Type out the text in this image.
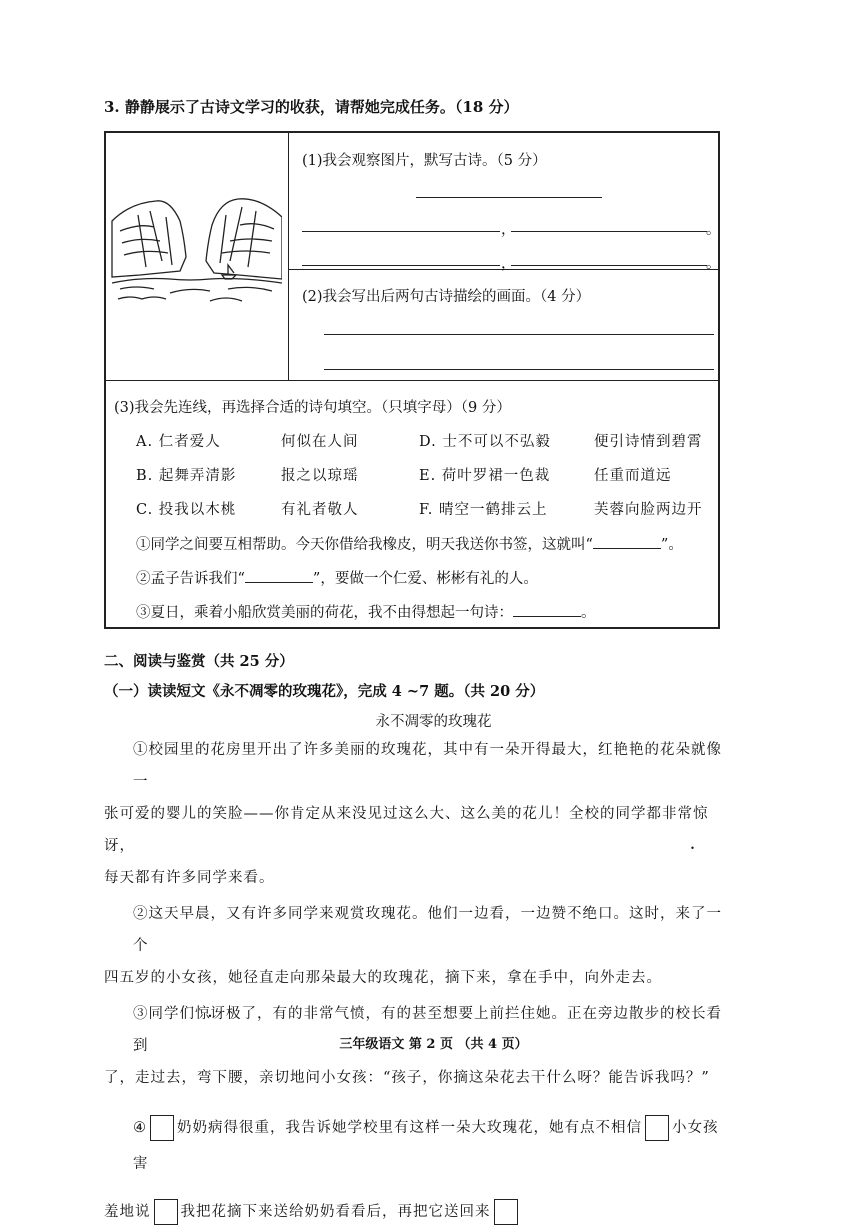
3. 静静展示了古诗文学习的收获，请帮她完成任务。（18 分）
(1)我会观察图片，默写古诗。（5 分）
，	。
，	。
(2)我会写出后两句古诗描绘的画面。（4 分）
(3)我会先连线，再选择合适的诗句填空。（只填字母）（9 分）
A. 仁者爱人	何似在人间	D. 士不可以不弘毅	便引诗情到碧霄
B. 起舞弄清影	报之以琼瑶	E. 荷叶罗裙一色裁	任重而道远
C. 投我以木桃	有礼者敬人	F. 晴空一鹤排云上	芙蓉向脸两边开
①同学之间要互相帮助。今天你借给我橡皮，明天我送你书签，这就叫“	”。
②孟子告诉我们“	”，要做一个仁爱、彬彬有礼的人。
③夏日，乘着小船欣赏美丽的荷花，我不由得想起一句诗：	。
二、阅读与鉴赏（共 25 分）
（一）读读短文《永不凋零的玫瑰花》，完成 4 ~7 题。（共 20 分）
永不凋零的玫瑰花
①校园里的花房里开出了许多美丽的玫瑰花，其中有一朵开得最大，红艳艳的花朵就像一
张可爱的婴儿的笑脸——你肯定从来没见过这么大、这么美的花儿！全校的同学都非常惊讶 •，
每天都有许多同学来看。
②这天早晨，又有许多同学来观赏玫瑰花。他们一边看，一边赞不绝口。这时，来了一个
四五岁的小女孩，她径直走向那朵最大的玫瑰花，摘下来，拿在手中，向外走去。
③同学们惊讶 •极了，有的非常气愤，有的甚至想要上前拦住她。正在旁边散步的校长看到
了，走过去，弯下腰，亲切地问小女孩：“孩子，你摘这朵花去干什么呀？能告诉我吗？”
④ 奶奶病得很重，我告诉她学校里有这样一朵大玫瑰花，她有点不相信 小女孩害
羞地说 我把花摘下来送给奶奶看看后，再把它送回来
三年级语文 第 2 页 （共 4 页）
